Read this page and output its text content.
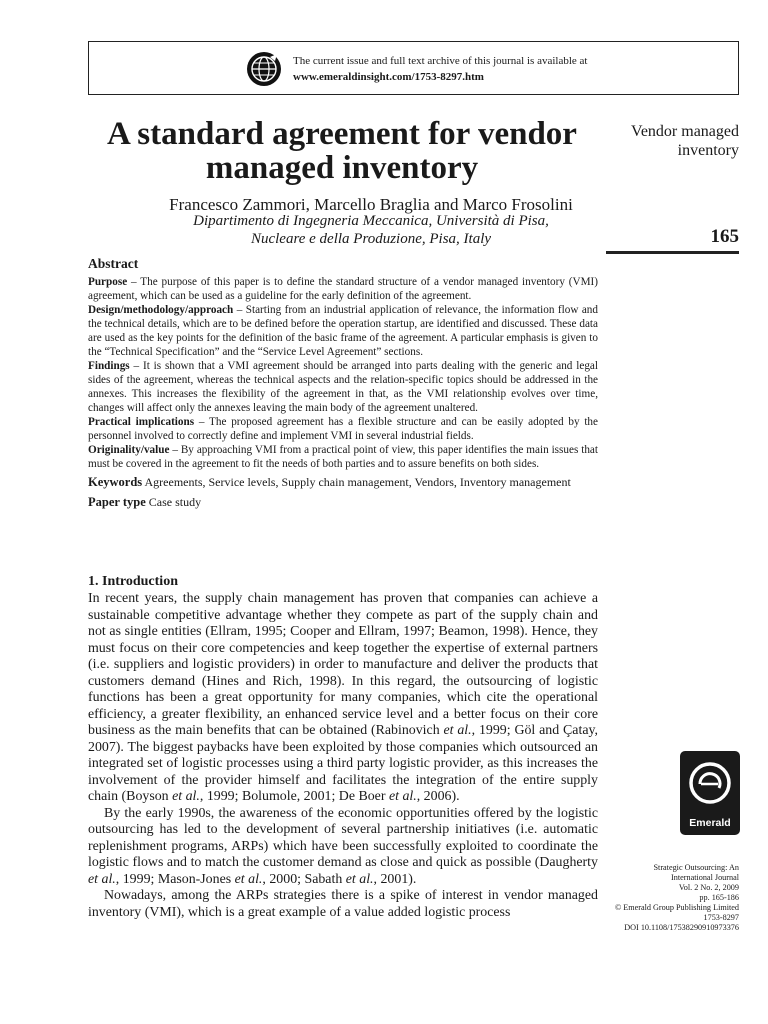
The current issue and full text archive of this journal is available at
www.emeraldinsight.com/1753-8297.htm
A standard agreement for vendor
managed inventory
Francesco Zammori, Marcello Braglia and Marco Frosolini
Dipartimento di Ingegneria Meccanica, Università di Pisa,
Nucleare e della Produzione, Pisa, Italy
Vendor managed
inventory
165
Abstract

Purpose – The purpose of this paper is to define the standard structure of a vendor managed inventory (VMI) agreement, which can be used as a guideline for the early definition of the agreement.

Design/methodology/approach – Starting from an industrial application of relevance, the information flow and the technical details, which are to be defined before the operation startup, are identified and discussed. These data are used as the key points for the definition of the basic frame of the agreement. A particular emphasis is given to the “Technical Specification” and the “Service Level Agreement” sections.

Findings – It is shown that a VMI agreement should be arranged into parts dealing with the generic and legal sides of the agreement, whereas the technical aspects and the relation-specific topics should be addressed in the annexes. This increases the flexibility of the agreement in that, as the VMI relationship evolves over time, changes will affect only the annexes leaving the main body of the agreement unaltered.

Practical implications – The proposed agreement has a flexible structure and can be easily adopted by the personnel involved to correctly define and implement VMI in several industrial fields.

Originality/value – By approaching VMI from a practical point of view, this paper identifies the main issues that must be covered in the agreement to fit the needs of both parties and to assure benefits on both sides.

Keywords Agreements, Service levels, Supply chain management, Vendors, Inventory management

Paper type Case study

1. Introduction

In recent years, the supply chain management has proven that companies can achieve a sustainable competitive advantage whether they compete as part of the supply chain and not as single entities (Ellram, 1995; Cooper and Ellram, 1997; Beamon, 1998). Hence, they must focus on their core competencies and keep together the expertise of external partners (i.e. suppliers and logistic providers) in order to manufacture and deliver the products that customers demand (Hines and Rich, 1998). In this regard, the outsourcing of logistic functions has been a great opportunity for many companies, which cite the operational efficiency, a greater flexibility, an enhanced service level and a better focus on their core business as the main benefits that can be obtained (Rabinovich et al., 1999; Göl and Çatay, 2007). The biggest paybacks have been exploited by those companies which outsourced an integrated set of logistic processes using a third party logistic provider, as this increases the involvement of the provider himself and facilitates the integration of the entire supply chain (Boyson et al., 1999; Bolumole, 2001; De Boer et al., 2006).

By the early 1990s, the awareness of the economic opportunities offered by the logistic outsourcing has led to the development of several partnership initiatives (i.e. automatic replenishment programs, ARPs) which have been successfully exploited to coordinate the logistic flows and to match the customer demand as close and quick as possible (Daugherty et al., 1999; Mason-Jones et al., 2000; Sabath et al., 2001).

Nowadays, among the ARPs strategies there is a spike of interest in vendor managed inventory (VMI), which is a great example of a value added logistic process

Emerald
Strategic Outsourcing: An
International Journal
Vol. 2 No. 2, 2009
pp. 165-186
© Emerald Group Publishing Limited
1753-8297
DOI 10.1108/17538290910973376
